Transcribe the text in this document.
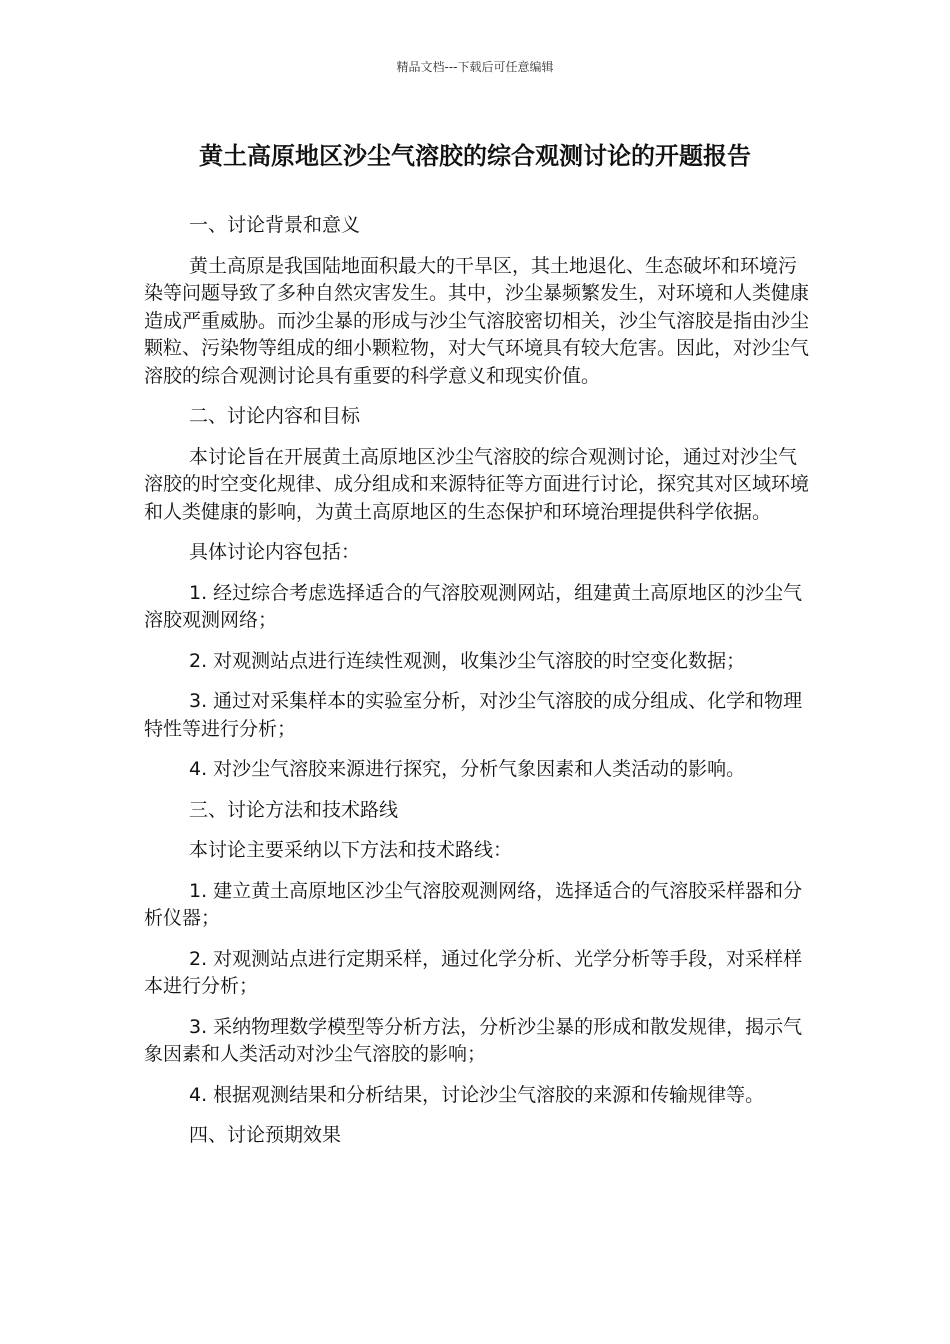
精品文档---下载后可任意编辑
黄土高原地区沙尘气溶胶的综合观测讨论的开题报告

一、讨论背景和意义

黄土高原是我国陆地面积最大的干旱区，其土地退化、生态破坏和环境污染等问题导致了多种自然灾害发生。其中，沙尘暴频繁发生，对环境和人类健康造成严重威胁。而沙尘暴的形成与沙尘气溶胶密切相关，沙尘气溶胶是指由沙尘颗粒、污染物等组成的细小颗粒物，对大气环境具有较大危害。因此，对沙尘气溶胶的综合观测讨论具有重要的科学意义和现实价值。

二、讨论内容和目标

本讨论旨在开展黄土高原地区沙尘气溶胶的综合观测讨论，通过对沙尘气溶胶的时空变化规律、成分组成和来源特征等方面进行讨论，探究其对区域环境和人类健康的影响，为黄土高原地区的生态保护和环境治理提供科学依据。

具体讨论内容包括：

1. 经过综合考虑选择适合的气溶胶观测网站，组建黄土高原地区的沙尘气溶胶观测网络；

2. 对观测站点进行连续性观测，收集沙尘气溶胶的时空变化数据；

3. 通过对采集样本的实验室分析，对沙尘气溶胶的成分组成、化学和物理特性等进行分析；

4. 对沙尘气溶胶来源进行探究，分析气象因素和人类活动的影响。

三、讨论方法和技术路线

本讨论主要采纳以下方法和技术路线：

1. 建立黄土高原地区沙尘气溶胶观测网络，选择适合的气溶胶采样器和分析仪器；

2. 对观测站点进行定期采样，通过化学分析、光学分析等手段，对采样样本进行分析；

3. 采纳物理数学模型等分析方法，分析沙尘暴的形成和散发规律，揭示气象因素和人类活动对沙尘气溶胶的影响；

4. 根据观测结果和分析结果，讨论沙尘气溶胶的来源和传输规律等。

四、讨论预期效果
